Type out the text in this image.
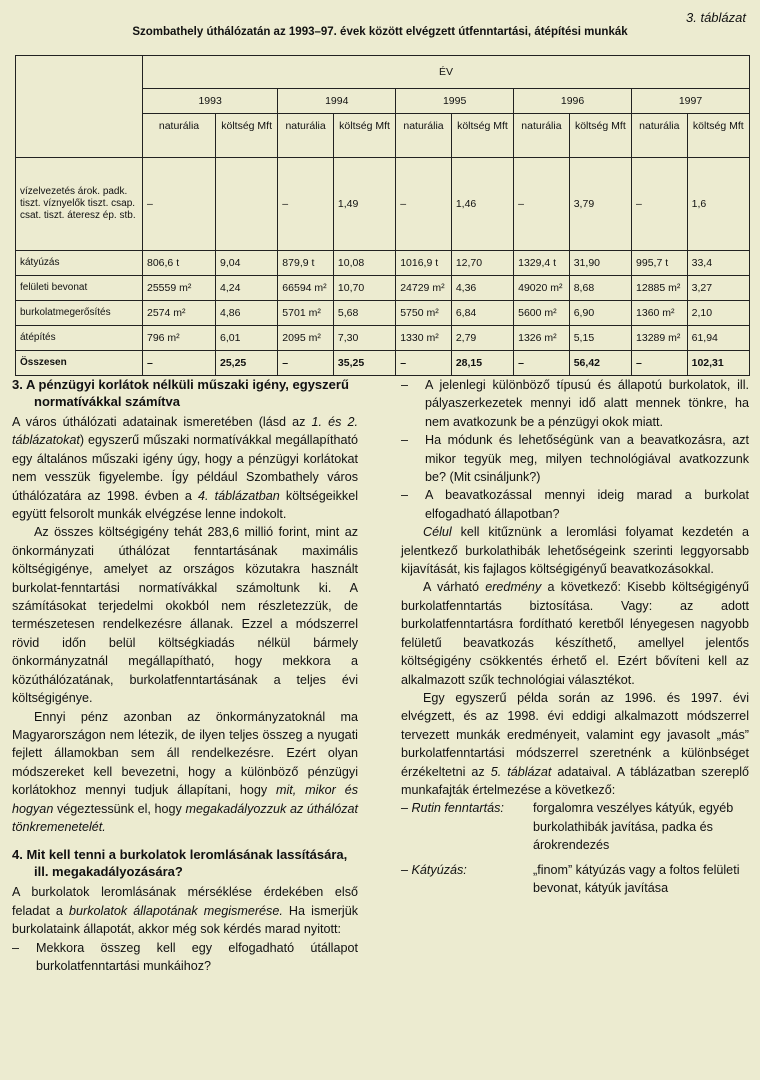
3. táblázat
Szombathely úthálózatán az 1993–97. évek között elvégzett útfenntartási, átépítési munkák
	ÉV									
	1993		1994		1995		1996		1997	
	naturália	költség Mft	naturália	költség Mft	naturália	költség Mft	naturália	költség Mft	naturália	költség Mft
vízelvezetés árok. padk. tiszt. víznyelők tiszt. csap. csat. tiszt. áteresz ép. stb.	–		–	1,49	–	1,46	–	3,79	–	1,6
kátyúzás	806,6 t	9,04	879,9 t	10,08	1016,9 t	12,70	1329,4 t	31,90	995,7 t	33,4
felületi bevonat	25559 m²	4,24	66594 m²	10,70	24729 m²	4,36	49020 m²	8,68	12885 m²	3,27
burkolatmegerősítés	2574 m²	4,86	5701 m²	5,68	5750 m²	6,84	5600 m²	6,90	1360 m²	2,10
átépítés	796 m²	6,01	2095 m²	7,30	1330 m²	2,79	1326 m²	5,15	13289 m²	61,94
Összesen	–	25,25	–	35,25	–	28,15	–	56,42	–	102,31
3. A pénzügyi korlátok nélküli műszaki igény, egyszerű normatívákkal számítva

A város úthálózati adatainak ismeretében (lásd az 1. és 2. táblázatokat) egyszerű műszaki normatívákkal megállapítható egy általános műszaki igény úgy, hogy a pénzügyi korlátokat nem vesszük figyelembe. Így például Szombathely város úthálózatára az 1998. évben a 4. táblázatban költségeikkel együtt felsorolt munkák elvégzése lenne indokolt.

Az összes költségigény tehát 283,6 millió forint, mint az önkormányzati úthálózat fenntartásának maximális költségigénye, amelyet az országos közutakra használt burkolat-fenntartási normatívákkal számoltunk ki. A számításokat terjedelmi okokból nem részletezzük, de természetesen rendelkezésre állanak. Ezzel a módszerrel rövid időn belül költségkiadás nélkül bármely önkormányzatnál megállapítható, hogy mekkora a közúthálózatának, burkolatfenntartásának a teljes évi költségigénye.

Ennyi pénz azonban az önkormányzatoknál ma Magyarországon nem létezik, de ilyen teljes összeg a nyugati fejlett államokban sem áll rendelkezésre. Ezért olyan módszereket kell bevezetni, hogy a különböző pénzügyi korlátokhoz mennyi tudjuk állapítani, hogy mit, mikor és hogyan végeztessünk el, hogy megakadályozzuk az úthálózat tönkremenetelét.

4. Mit kell tenni a burkolatok leromlásának lassítására, ill. megakadályozására?

A burkolatok leromlásának mérséklése érdekében első feladat a burkolatok állapotának megismerése. Ha ismerjük burkolataink állapotát, akkor még sok kérdés marad nyitott:

–	Mekkora összeg kell egy elfogadható útállapot burkolatfenntartási munkáihoz?
–	A jelenlegi különböző típusú és állapotú burkolatok, ill. pályaszerkezetek mennyi idő alatt mennek tönkre, ha nem avatkozunk be a pénzügyi okok miatt.
–	Ha módunk és lehetőségünk van a beavatkozásra, azt mikor tegyük meg, milyen technológiával avatkozzunk be? (Mit csináljunk?)
–	A beavatkozással mennyi ideig marad a burkolat elfogadható állapotban?

Célul kell kitűznünk a leromlási folyamat kezdetén a jelentkező burkolathibák lehetőségeink szerinti leggyorsabb kijavítását, kis fajlagos költségigényű beavatkozásokkal.

A várható eredmény a következő: Kisebb költségigényű burkolatfenntartás biztosítása. Vagy: az adott burkolatfenntartásra fordítható keretből lényegesen nagyobb felületű beavatkozás készíthető, amellyel jelentős költségigény csökkentés érhető el. Ezért bővíteni kell az alkalmazott szűk technológiai választékot.

Egy egyszerű példa során az 1996. és 1997. évi elvégzett, és az 1998. évi eddigi alkalmazott módszerrel tervezett munkák eredményeit, valamint egy javasolt „más” burkolatfenntartási módszerrel szeretnénk a különbséget érzékeltetni az 5. táblázat adataival. A táblázatban szereplő munkafajták értelmezése a következő:

– Rutin fenntartás:	forgalomra veszélyes kátyúk, egyéb burkolathibák javítása, padka és árokrendezés
– Kátyúzás:	„finom” kátyúzás vagy a foltos felületi bevonat, kátyúk javítása
